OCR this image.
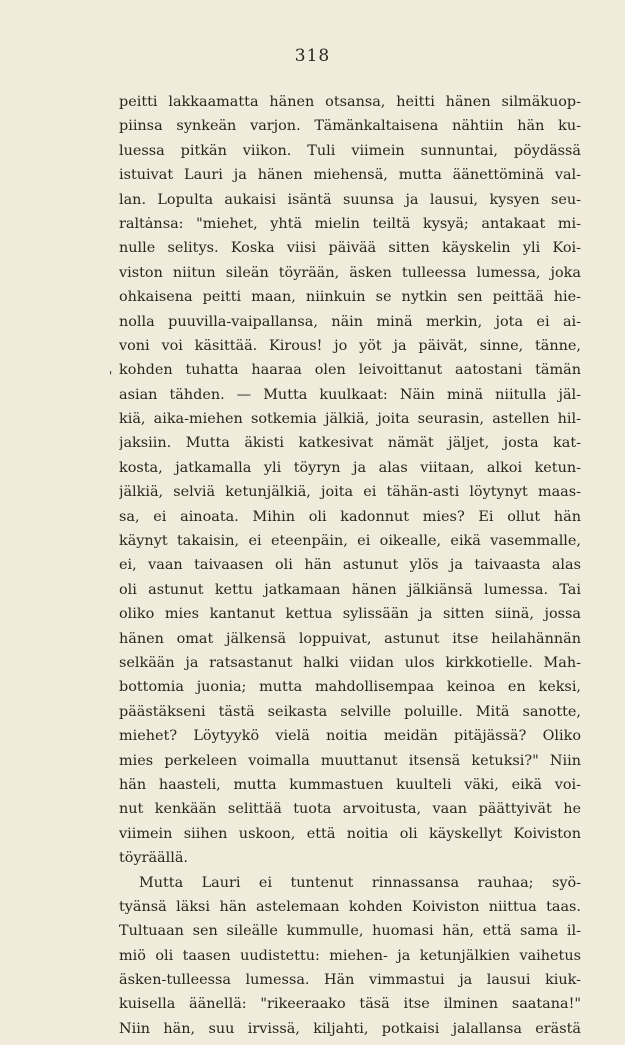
318
'
peitti lakkaamatta hänen otsansa, heitti hänen silmäkuop-
piinsa synkeän varjon. Tämänkaltaisena nähtiin hän ku-
luessa pitkän viikon. Tuli viimein sunnuntai, pöydässä
istuivat Lauri ja hänen miehensä, mutta äänettöminä val-
lan. Lopulta aukaisi isäntä suunsa ja lausui, kysyen seu-
raltȧnsa: "miehet, yhtä mielin teiltä kysyä; antakaat mi-
nulle selitys. Koska viisi päivää sitten käyskelin yli Koi-
viston niitun sileän töyrään, äsken tulleessa lumessa, joka
ohkaisena peitti maan, niinkuin se nytkin sen peittää hie-
nolla puuvilla-vaipallansa, näin minä merkin, jota ei ai-
voni voi käsittää. Kirous! jo yöt ja päivät, sinne, tänne,
kohden tuhatta haaraa olen leivoittanut aatostani tämän
asian tähden. — Mutta kuulkaat: Näin minä niitulla jäl-
kiä, aika-miehen sotkemia jälkiä, joita seurasin, astellen hil-
jaksiin. Mutta äkisti katkesivat nämät jäljet, josta kat-
kosta, jatkamalla yli töyryn ja alas viitaan, alkoi ketun-
jälkiä, selviä ketunjälkiä, joita ei tähän-asti löytynyt maas-
sa, ei ainoata. Mihin oli kadonnut mies? Ei ollut hän
käynyt takaisin, ei eteenpäin, ei oikealle, eikä vasemmalle,
ei, vaan taivaasen oli hän astunut ylös ja taivaasta alas
oli astunut kettu jatkamaan hänen jälkiänsä lumessa. Tai
oliko mies kantanut kettua sylissään ja sitten siinä, jossa
hänen omat jälkensä loppuivat, astunut itse heilahännän
selkään ja ratsastanut halki viidan ulos kirkkotielle. Mah-
bottomia juonia; mutta mahdollisempaa keinoa en keksi,
päästäkseni tästä seikasta selville poluille. Mitä sanotte,
miehet? Löytyykö vielä noitia meidän pitäjässä? Oliko
mies perkeleen voimalla muuttanut itsensä ketuksi?" Niin
hän haasteli, mutta kummastuen kuulteli väki, eikä voi-
nut kenkään selittää tuota arvoitusta, vaan päättyivät he
viimein siihen uskoon, että noitia oli käyskellyt Koiviston
töyräällä.
Mutta Lauri ei tuntenut rinnassansa rauhaa; syö-
tyänsä läksi hän astelemaan kohden Koiviston niittua taas.
Tultuaan sen sileälle kummulle, huomasi hän, että sama il-
miö oli taasen uudistettu: miehen- ja ketunjälkien vaihetus
äsken-tulleessa lumessa. Hän vimmastui ja lausui kiuk-
kuisella äänellä: "rikeeraako täsä itse ilminen saatana!"
Niin hän, suu irvissä, kiljahti, potkaisi jalallansa erästä
